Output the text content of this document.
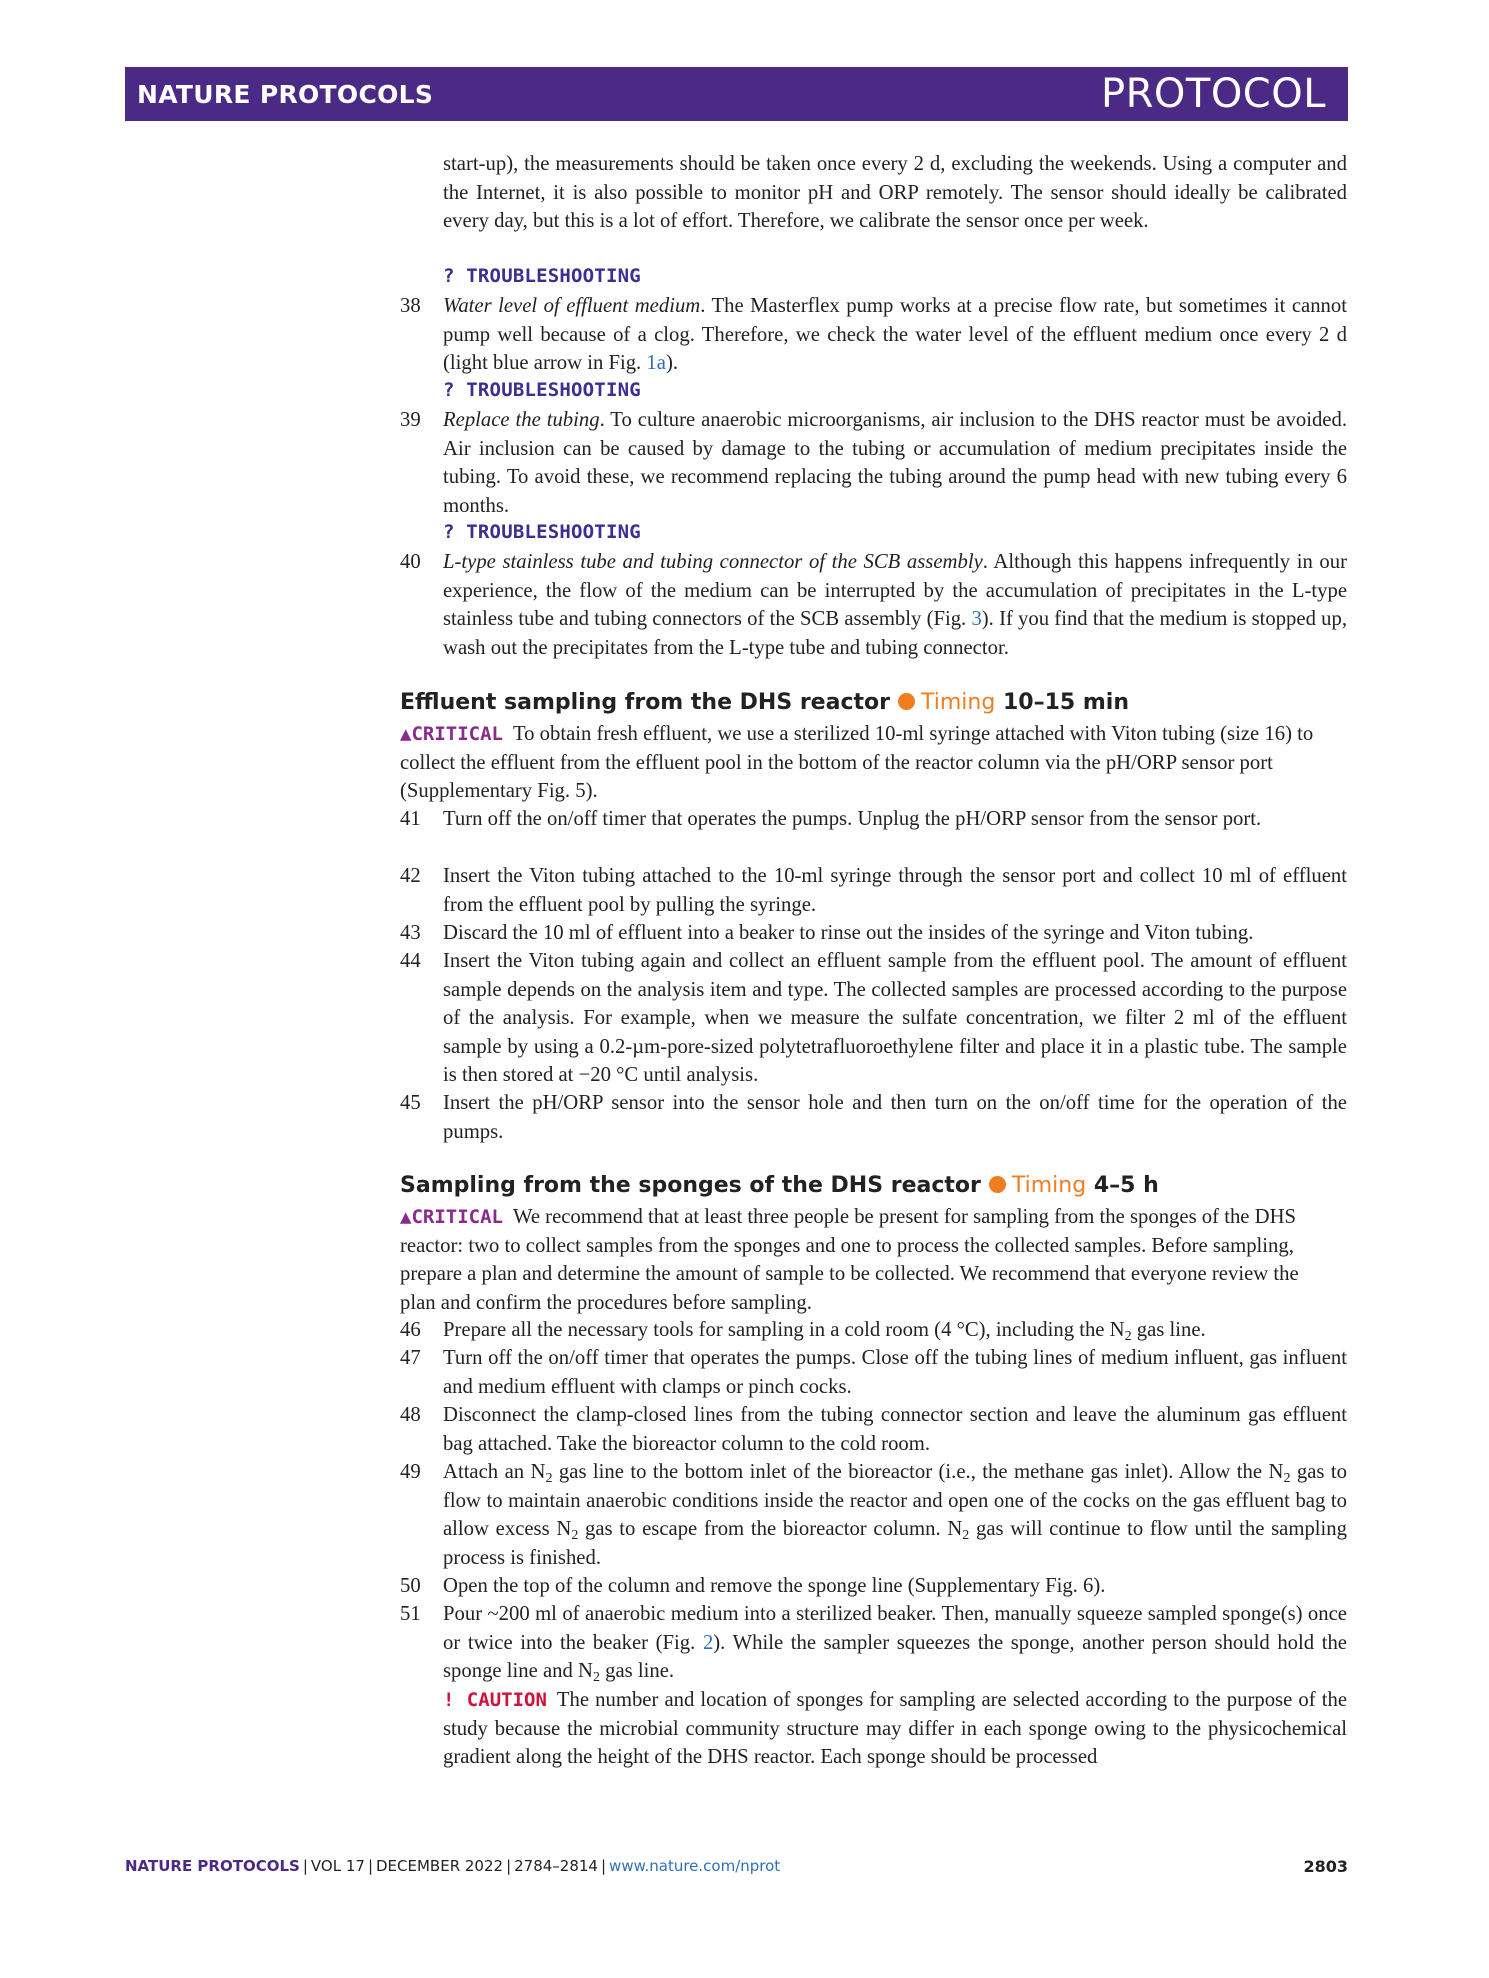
NATURE PROTOCOLS	PROTOCOL

start-up), the measurements should be taken once every 2 d, excluding the weekends. Using a computer and the Internet, it is also possible to monitor pH and ORP remotely. The sensor should ideally be calibrated every day, but this is a lot of effort. Therefore, we calibrate the sensor once per week.

? TROUBLESHOOTING
38	Water level of effluent medium. The Masterflex pump works at a precise flow rate, but sometimes it cannot pump well because of a clog. Therefore, we check the water level of the effluent medium once every 2 d (light blue arrow in Fig. 1a).
? TROUBLESHOOTING
39	Replace the tubing. To culture anaerobic microorganisms, air inclusion to the DHS reactor must be avoided. Air inclusion can be caused by damage to the tubing or accumulation of medium precipitates inside the tubing. To avoid these, we recommend replacing the tubing around the pump head with new tubing every 6 months.
? TROUBLESHOOTING
40	L-type stainless tube and tubing connector of the SCB assembly. Although this happens infrequently in our experience, the flow of the medium can be interrupted by the accumulation of precipitates in the L-type stainless tube and tubing connectors of the SCB assembly (Fig. 3). If you find that the medium is stopped up, wash out the precipitates from the L-type tube and tubing connector.
Effluent sampling from the DHS reactor Timing 10–15 min

▲CRITICAL To obtain fresh effluent, we use a sterilized 10-ml syringe attached with Viton tubing (size 16) to collect the effluent from the effluent pool in the bottom of the reactor column via the pH/ORP sensor port (Supplementary Fig. 5).

41	Turn off the on/off timer that operates the pumps. Unplug the pH/ORP sensor from the sensor port.
42	Insert the Viton tubing attached to the 10-ml syringe through the sensor port and collect 10 ml of effluent from the effluent pool by pulling the syringe.
43	Discard the 10 ml of effluent into a beaker to rinse out the insides of the syringe and Viton tubing.
44	Insert the Viton tubing again and collect an effluent sample from the effluent pool. The amount of effluent sample depends on the analysis item and type. The collected samples are processed according to the purpose of the analysis. For example, when we measure the sulfate concentration, we filter 2 ml of the effluent sample by using a 0.2-µm-pore-sized polytetrafluoroethylene filter and place it in a plastic tube. The sample is then stored at −20 °C until analysis.
45	Insert the pH/ORP sensor into the sensor hole and then turn on the on/off time for the operation of the pumps.
Sampling from the sponges of the DHS reactor Timing 4–5 h

▲CRITICAL We recommend that at least three people be present for sampling from the sponges of the DHS reactor: two to collect samples from the sponges and one to process the collected samples. Before sampling, prepare a plan and determine the amount of sample to be collected. We recommend that everyone review the plan and confirm the procedures before sampling.

46	Prepare all the necessary tools for sampling in a cold room (4 °C), including the $N_2$ gas line.
47	Turn off the on/off timer that operates the pumps. Close off the tubing lines of medium influent, gas influent and medium effluent with clamps or pinch cocks.
48	Disconnect the clamp-closed lines from the tubing connector section and leave the aluminum gas effluent bag attached. Take the bioreactor column to the cold room.
49	Attach an $N_2$ gas line to the bottom inlet of the bioreactor (i.e., the methane gas inlet). Allow the $N_2$ gas to flow to maintain anaerobic conditions inside the reactor and open one of the cocks on the gas effluent bag to allow excess $N_2$ gas to escape from the bioreactor column. $N_2$ gas will continue to flow until the sampling process is finished.
50	Open the top of the column and remove the sponge line (Supplementary Fig. 6).
51	Pour ~200 ml of anaerobic medium into a sterilized beaker. Then, manually squeeze sampled sponge(s) once or twice into the beaker (Fig. 2). While the sampler squeezes the sponge, another person should hold the sponge line and $N_2$ gas line.

! CAUTION The number and location of sponges for sampling are selected according to the purpose of the study because the microbial community structure may differ in each sponge owing to the physicochemical gradient along the height of the DHS reactor. Each sponge should be processed

NATURE PROTOCOLS | VOL 17 | DECEMBER 2022 | 2784–2814 | www.nature.com/nprot	2803
